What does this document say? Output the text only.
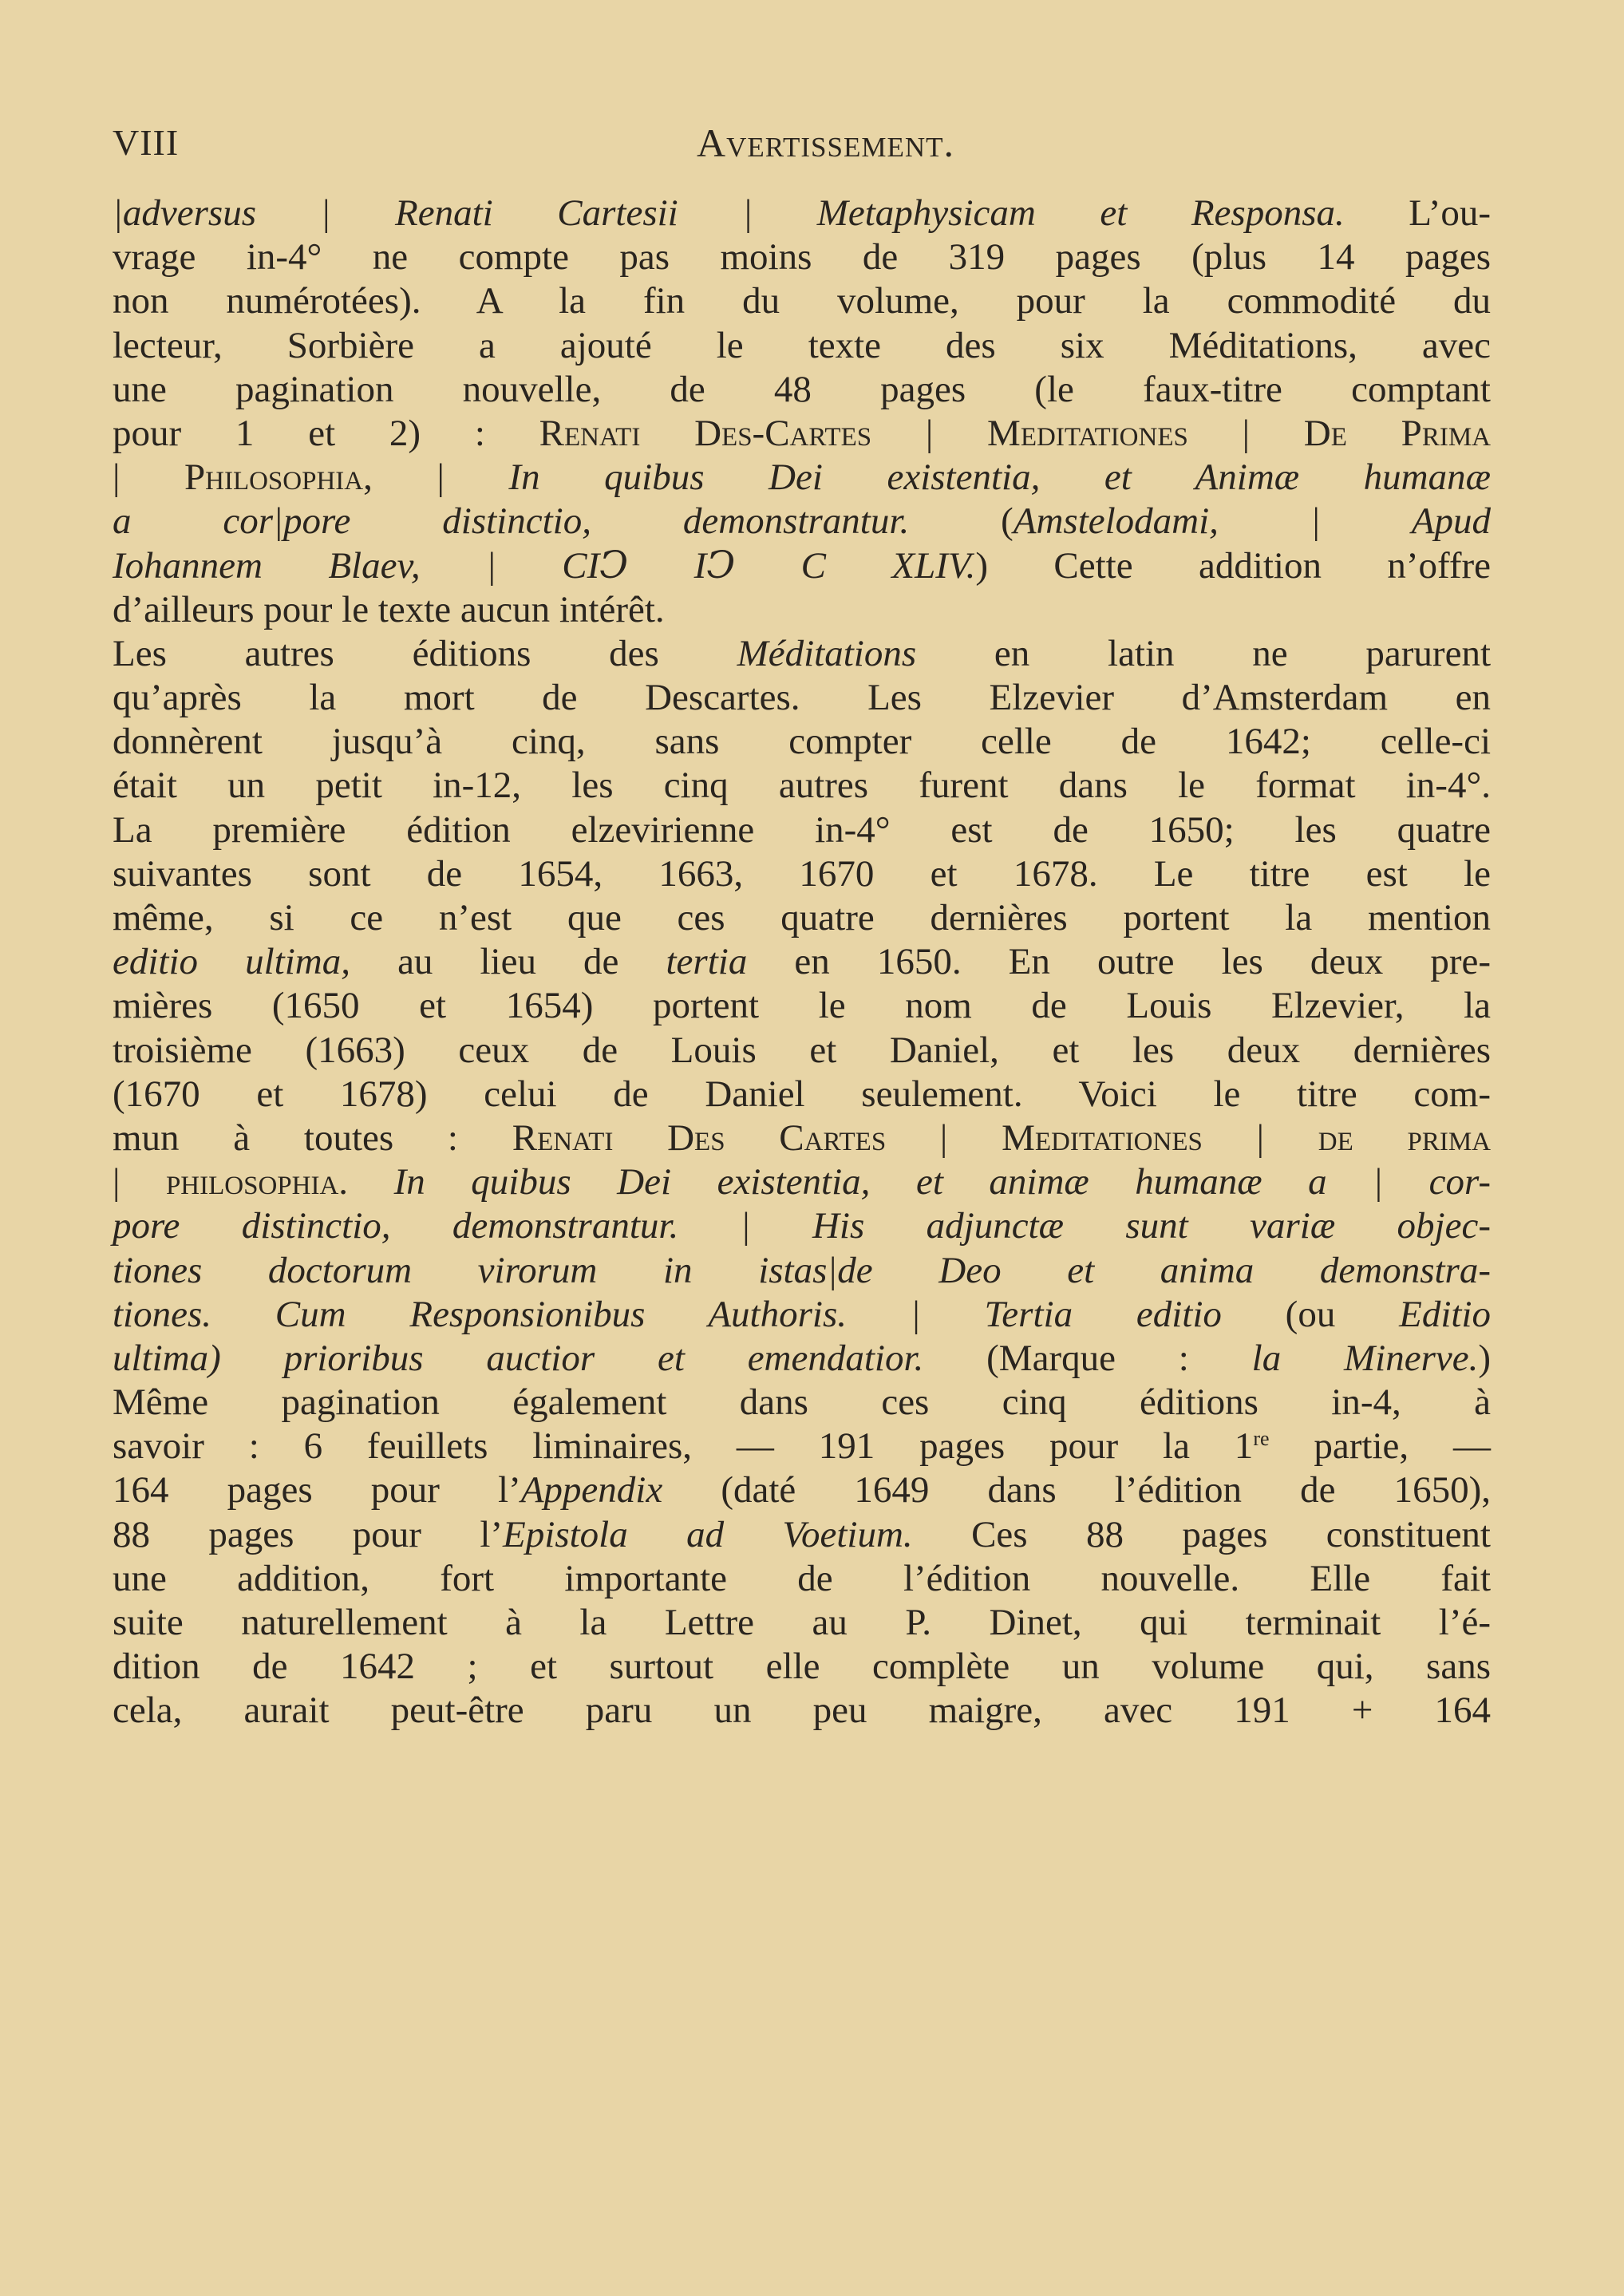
VIII	Avertissement.
|adversus | Renati Cartesii | Metaphysicam et Responsa. L’ou-
vrage in-4° ne compte pas moins de 319 pages (plus 14 pages
non numérotées). A la fin du volume, pour la commodité du
lecteur, Sorbière a ajouté le texte des six Méditations, avec
une pagination nouvelle, de 48 pages (le faux-titre comptant
pour 1 et 2) : Renati Des-Cartes | Meditationes | De Prima
| Philosophia, | In quibus Dei existentia, et Animæ humanæ
a cor|pore distinctio, demonstrantur. (Amstelodami, | Apud
Iohannem Blaev, | CIↃ IↃ C XLIV.) Cette addition n’offre
d’ailleurs pour le texte aucun intérêt.
Les autres éditions des Méditations en latin ne parurent
qu’après la mort de Descartes. Les Elzevier d’Amsterdam en
donnèrent jusqu’à cinq, sans compter celle de 1642; celle-ci
était un petit in-12, les cinq autres furent dans le format in-4°.
La première édition elzevirienne in-4° est de 1650; les quatre
suivantes sont de 1654, 1663, 1670 et 1678. Le titre est le
même, si ce n’est que ces quatre dernières portent la mention
editio ultima, au lieu de tertia en 1650. En outre les deux pre-
mières (1650 et 1654) portent le nom de Louis Elzevier, la
troisième (1663) ceux de Louis et Daniel, et les deux dernières
(1670 et 1678) celui de Daniel seulement. Voici le titre com-
mun à toutes : Renati Des Cartes | Meditationes | de prima
| philosophia. In quibus Dei existentia, et animæ humanæ a | cor-
pore distinctio, demonstrantur. | His adjunctæ sunt variæ objec-
tiones doctorum virorum in istas|de Deo et anima demonstra-
tiones. Cum Responsionibus Authoris. | Tertia editio (ou Editio
ultima) prioribus auctior et emendatior. (Marque : la Minerve.)
Même pagination également dans ces cinq éditions in-4, à
savoir : 6 feuillets liminaires, — 191 pages pour la 1re partie, —
164 pages pour l’Appendix (daté 1649 dans l’édition de 1650),
88 pages pour l’Epistola ad Voetium. Ces 88 pages constituent
une addition, fort importante de l’édition nouvelle. Elle fait
suite naturellement à la Lettre au P. Dinet, qui terminait l’é-
dition de 1642 ; et surtout elle complète un volume qui, sans
cela, aurait peut-être paru un peu maigre, avec 191 + 164
